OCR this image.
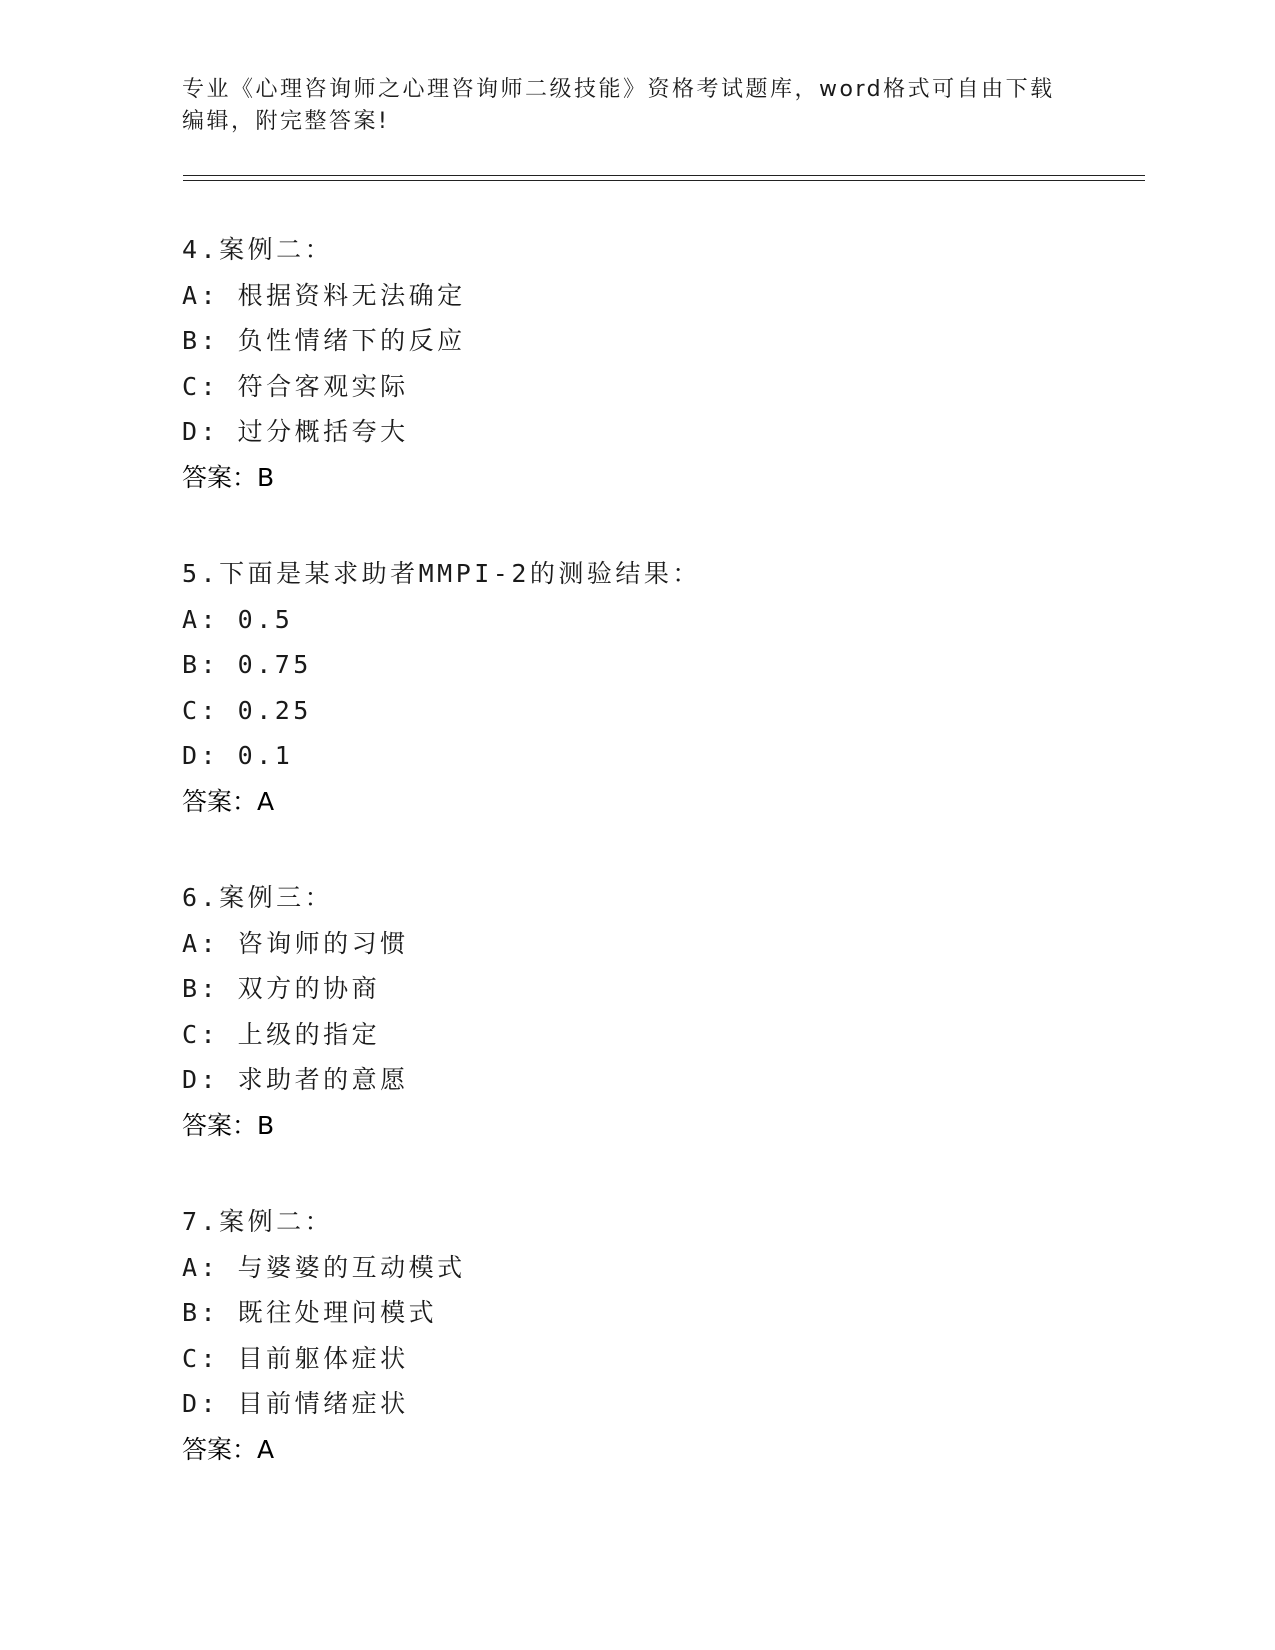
专业《心理咨询师之心理咨询师二级技能》资格考试题库，word格式可自由下载
编辑，附完整答案!
4.案例二：
A: 根据资料无法确定
B: 负性情绪下的反应
C: 符合客观实际
D: 过分概括夸大
答案：B
5.下面是某求助者MMPI-2的测验结果：
A: 0.5
B: 0.75
C: 0.25
D: 0.1
答案：A
6.案例三：
A: 咨询师的习惯
B: 双方的协商
C: 上级的指定
D: 求助者的意愿
答案：B
7.案例二：
A: 与婆婆的互动模式
B: 既往处理问模式
C: 目前躯体症状
D: 目前情绪症状
答案：A
